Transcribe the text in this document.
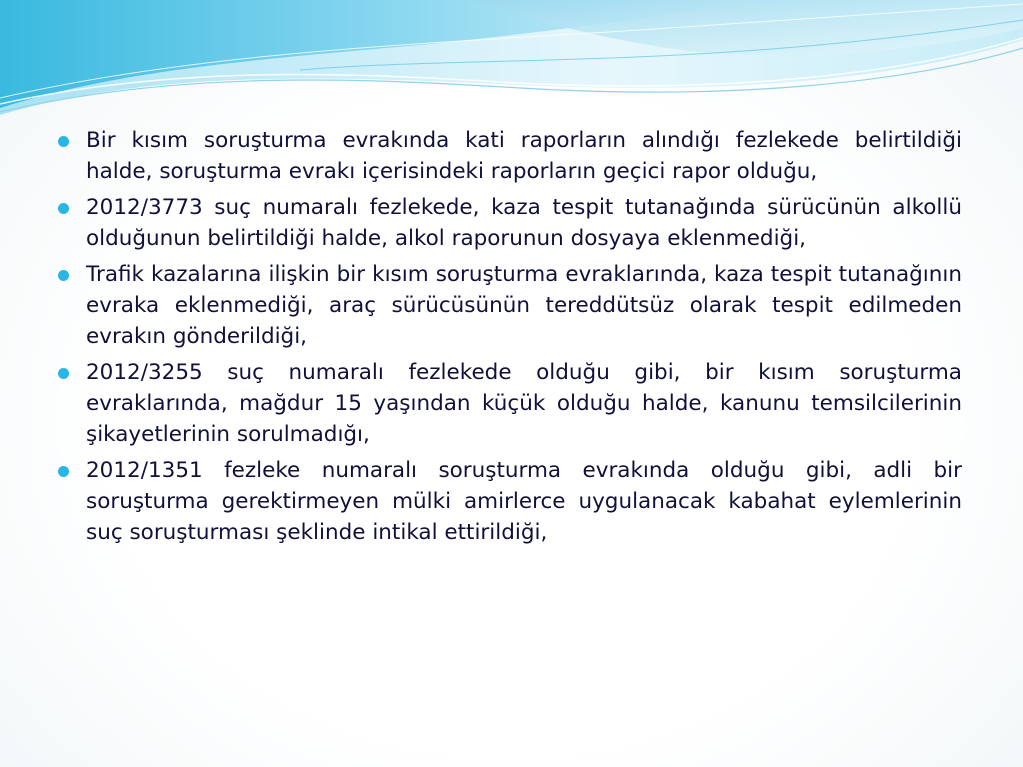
Bir kısım soruşturma evrakında kati raporların alındığı fezlekede belirtildiği halde, soruşturma evrakı içerisindeki raporların geçici rapor olduğu,
2012/3773 suç numaralı fezlekede, kaza tespit tutanağında sürücünün alkollü olduğunun belirtildiği halde, alkol raporunun dosyaya eklenmediği,
Trafik kazalarına ilişkin bir kısım soruşturma evraklarında, kaza tespit tutanağının evraka eklenmediği, araç sürücüsünün tereddütsüz olarak tespit edilmeden evrakın gönderildiği,
2012/3255 suç numaralı fezlekede olduğu gibi, bir kısım soruşturma evraklarında, mağdur 15 yaşından küçük olduğu halde, kanunu temsilcilerinin şikayetlerinin sorulmadığı,
2012/1351 fezleke numaralı soruşturma evrakında olduğu gibi, adli bir soruşturma gerektirmeyen mülki amirlerce uygulanacak kabahat eylemlerinin suç soruşturması şeklinde intikal ettirildiği,
